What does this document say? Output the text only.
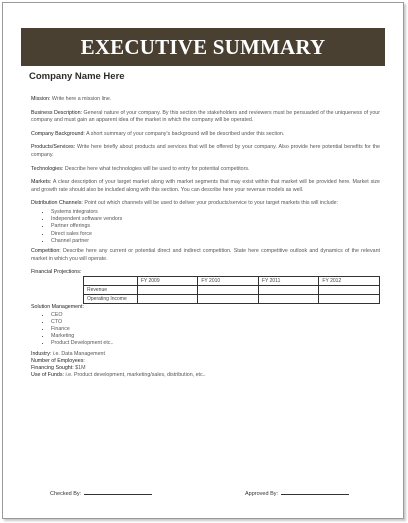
EXECUTIVE SUMMARY TEMPLATE
Company Name Here

Mission: Write here a mission line.

Business Description: General nature of your company. By this section the stakeholders and reviewers must be persuaded of the uniqueness of your company and must gain an apparent idea of the market in which the company will be operated.

Company Background: A short summary of your company's background will be described under this section.

Products/Services: Write here briefly about products and services that will be offered by your company. Also provide here potential benefits for the company.

Technologies: Describe here what technologies will be used to entry for potential competitors.

Markets: A clear description of your target market along with market segments that may exist within that market will be provided here. Market size and growth rate should also be included along with this section. You can describe here your revenue models as well.

Distribution Channels: Point out which channels will be used to deliver your products/service to your target markets this will include:

• Systems integrators
• Independent software vendors
• Partner offerings
• Direct sales force
• Channel partner

Competition: Describe here any current or potential direct and indirect competition. State here competitive outlook and dynamics of the relevant market in which you will operate.

Financial Projections:

	FY 2009	FY 2010	FY 2011	FY 2012
Revenue				
Operating Income				

Solution Management:

• CEO
• CTO
• Finance
• Marketing
• Product Development etc..

Industry: i.e. Data Management

Number of Employees:

Financing Sought: $1M

Use of Funds: i.e. Product development, marketing/sales, distribution, etc..

Checked By:	Approved By:
